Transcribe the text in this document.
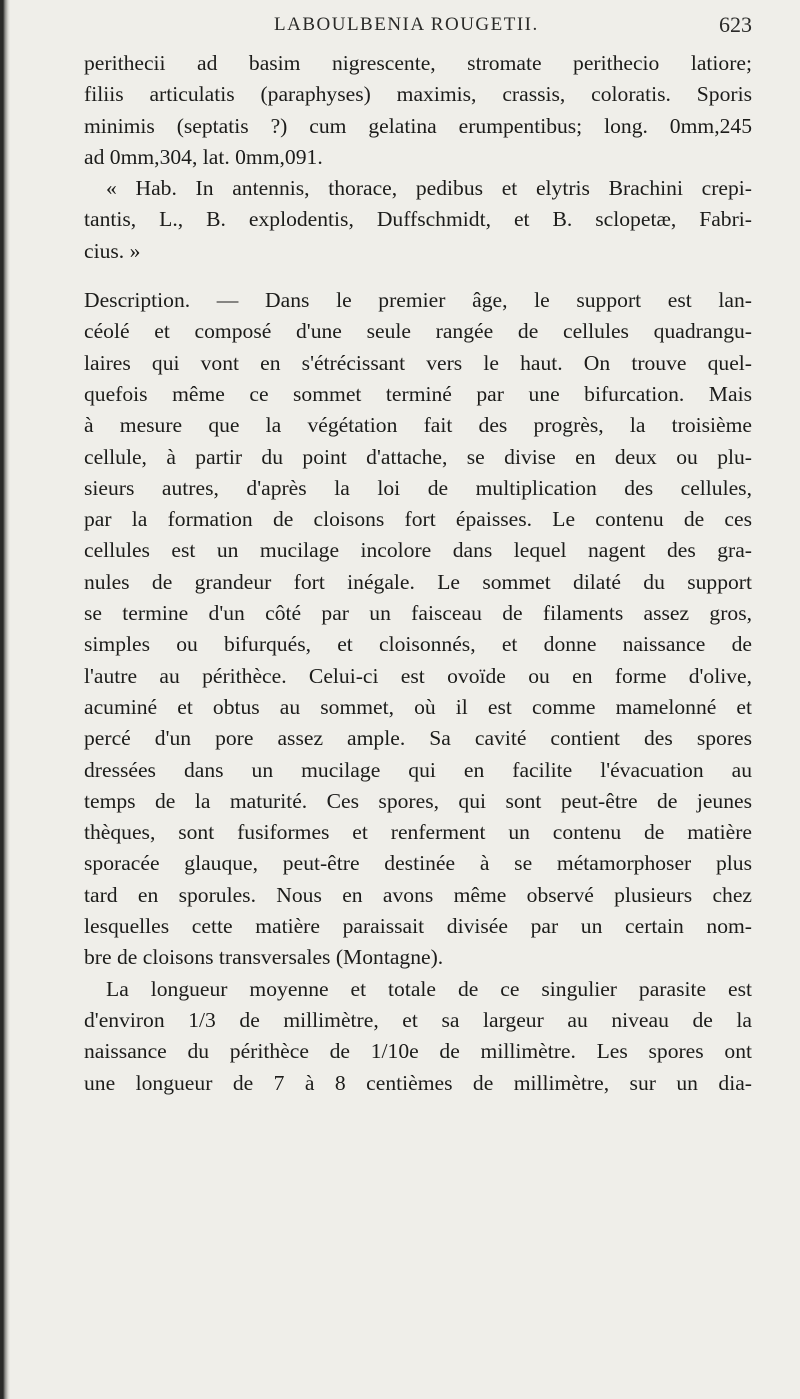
LABOULBENIA ROUGETII.	623
perithecii ad basim nigrescente, stromate perithecio latiore;
filiis articulatis (paraphyses) maximis, crassis, coloratis. Sporis
minimis (septatis ?) cum gelatina erumpentibus; long. 0mm,245
ad 0mm,304, lat. 0mm,091.
« Hab. In antennis, thorace, pedibus et elytris Brachini crepi-
tantis, L., B. explodentis, Duffschmidt, et B. sclopetæ, Fabri-
cius. »
Description. — Dans le premier âge, le support est lan-
céolé et composé d'une seule rangée de cellules quadrangu-
laires qui vont en s'étrécissant vers le haut. On trouve quel-
quefois même ce sommet terminé par une bifurcation. Mais
à mesure que la végétation fait des progrès, la troisième
cellule, à partir du point d'attache, se divise en deux ou plu-
sieurs autres, d'après la loi de multiplication des cellules,
par la formation de cloisons fort épaisses. Le contenu de ces
cellules est un mucilage incolore dans lequel nagent des gra-
nules de grandeur fort inégale. Le sommet dilaté du support
se termine d'un côté par un faisceau de filaments assez gros,
simples ou bifurqués, et cloisonnés, et donne naissance de
l'autre au périthèce. Celui-ci est ovoïde ou en forme d'olive,
acuminé et obtus au sommet, où il est comme mamelonné et
percé d'un pore assez ample. Sa cavité contient des spores
dressées dans un mucilage qui en facilite l'évacuation au
temps de la maturité. Ces spores, qui sont peut-être de jeunes
thèques, sont fusiformes et renferment un contenu de matière
sporacée glauque, peut-être destinée à se métamorphoser plus
tard en sporules. Nous en avons même observé plusieurs chez
lesquelles cette matière paraissait divisée par un certain nom-
bre de cloisons transversales (Montagne).
La longueur moyenne et totale de ce singulier parasite est
d'environ 1/3 de millimètre, et sa largeur au niveau de la
naissance du périthèce de 1/10e de millimètre. Les spores ont
une longueur de 7 à 8 centièmes de millimètre, sur un dia-
